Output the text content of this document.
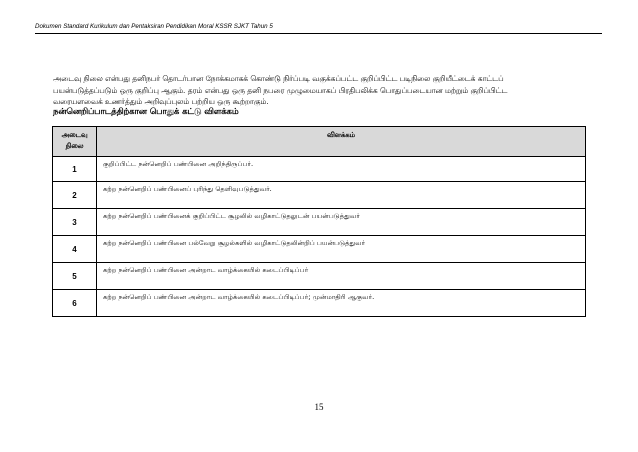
Dokumen Standard Kurikulum dan Pentaksiran Pendidikan Moral KSSR SJKT Tahun 5

அடைவு நிலை என்பது தனிநபர் தொடர்பான நோக்கமாகக் கொண்டு நிர்ப்படி வகுக்கப்பட்ட குறிப்பிட்ட படிநிலை குறியீட்டைக் காட்டப்

பயன்படுத்தப்படும் ஒரு குறிப்பு ஆகும். தரம் என்பது ஒரு தனி நபரை முழுமையாகப் பிரதிபலிக்க பொதுப்படையான மற்றும் குறிப்பிட்ட

வரையளவைக் உணர்த்தும் அறிவுப்புலம் பற்றிய ஒரு கூற்றாகும்.

நன்னெறிப்பாடத்திற்கான பொதுக் கட்டு விளக்கம்
அடைவு நிலை	விளக்கம்
1	குறிப்பிட்ட நன்னெறிப் பண்பினை அறிந்திருப்பர்.
2	கற்ற நன்னெறிப் பண்பினைப் புரிந்து தெளிவுபடுத்துவர்.
3	கற்ற நன்னெறிப் பண்பினைக் குறிப்பிட்ட சூழலில் வழிகாட்டுதலுடன் பயன்படுத்துவர்
4	கற்ற நன்னெறிப் பண்பினை பல்வேறு சூழல்களில் வழிகாட்டுதலின்றிப் பயன்படுத்துவர்
5	கற்ற நன்னெறிப் பண்பினை அன்றாட வாழ்க்கையில் கடைப்பிடிப்பர்
6	கற்ற நன்னெறிப் பண்பினை அன்றாட வாழ்க்கையில் கடைப்பிடிப்பர்; முன்மாதிரி ஆகுவர்.
15
